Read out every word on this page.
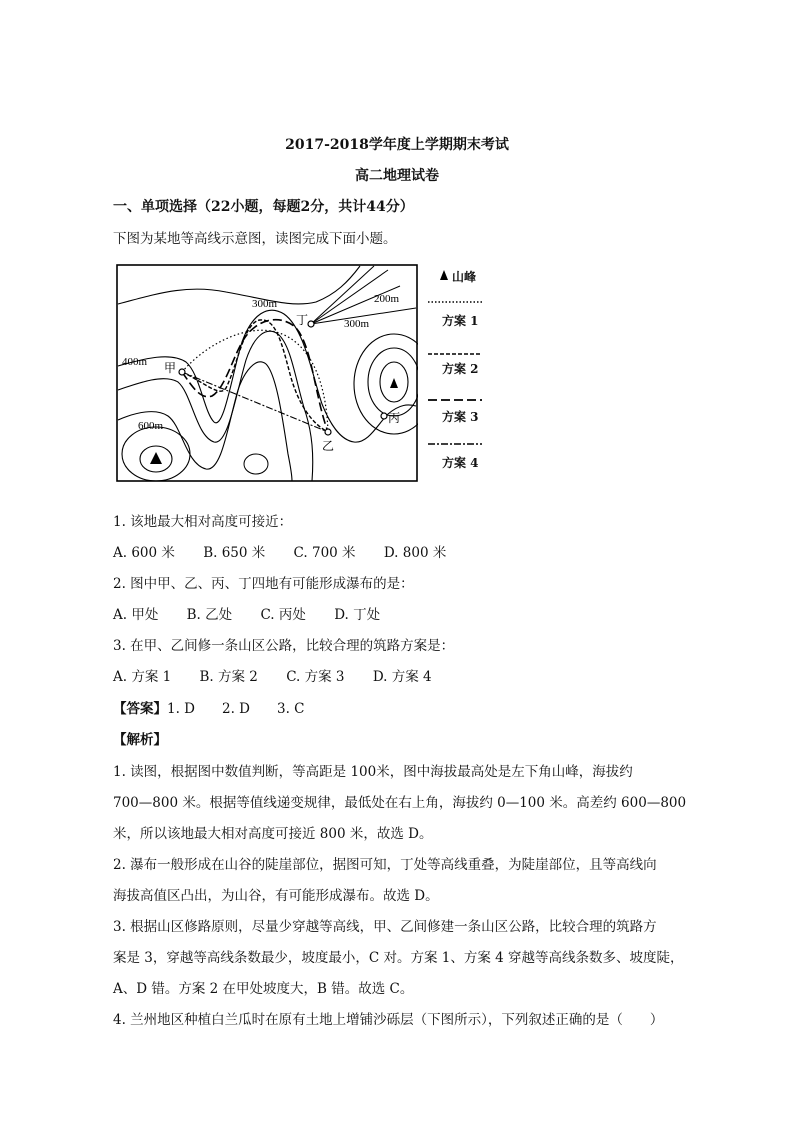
2017-2018学年度上学期期末考试
高二地理试卷
一、单项选择（22小题，每题2分，共计44分）
下图为某地等高线示意图，读图完成下面小题。
300m	200m
300m
400m
600m
甲
乙
丙
丁
山峰
方案 1
方案 2
方案 3
方案 4
1. 该地最大相对高度可接近：
A. 600 米 B. 650 米 C. 700 米 D. 800 米
2. 图中甲、乙、丙、丁四地有可能形成瀑布的是：
A. 甲处 B. 乙处 C. 丙处 D. 丁处
3. 在甲、乙间修一条山区公路，比较合理的筑路方案是：
A. 方案 1 B. 方案 2 C. 方案 3 D. 方案 4
【答案】1. D　　2. D　　3. C
【解析】
1. 读图，根据图中数值判断，等高距是 100米，图中海拔最高处是左下角山峰，海拔约
700—800 米。根据等值线递变规律，最低处在右上角，海拔约 0—100 米。高差约 600—800
米，所以该地最大相对高度可接近 800 米，故选 D。
2. 瀑布一般形成在山谷的陡崖部位，据图可知，丁处等高线重叠，为陡崖部位，且等高线向
海拔高值区凸出，为山谷，有可能形成瀑布。故选 D。
3. 根据山区修路原则，尽量少穿越等高线，甲、乙间修建一条山区公路，比较合理的筑路方
案是 3，穿越等高线条数最少，坡度最小，C 对。方案 1、方案 4 穿越等高线条数多、坡度陡，
A、D 错。方案 2 在甲处坡度大，B 错。故选 C。
4. 兰州地区种植白兰瓜时在原有土地上增铺沙砾层（下图所示），下列叙述正确的是（　　）
